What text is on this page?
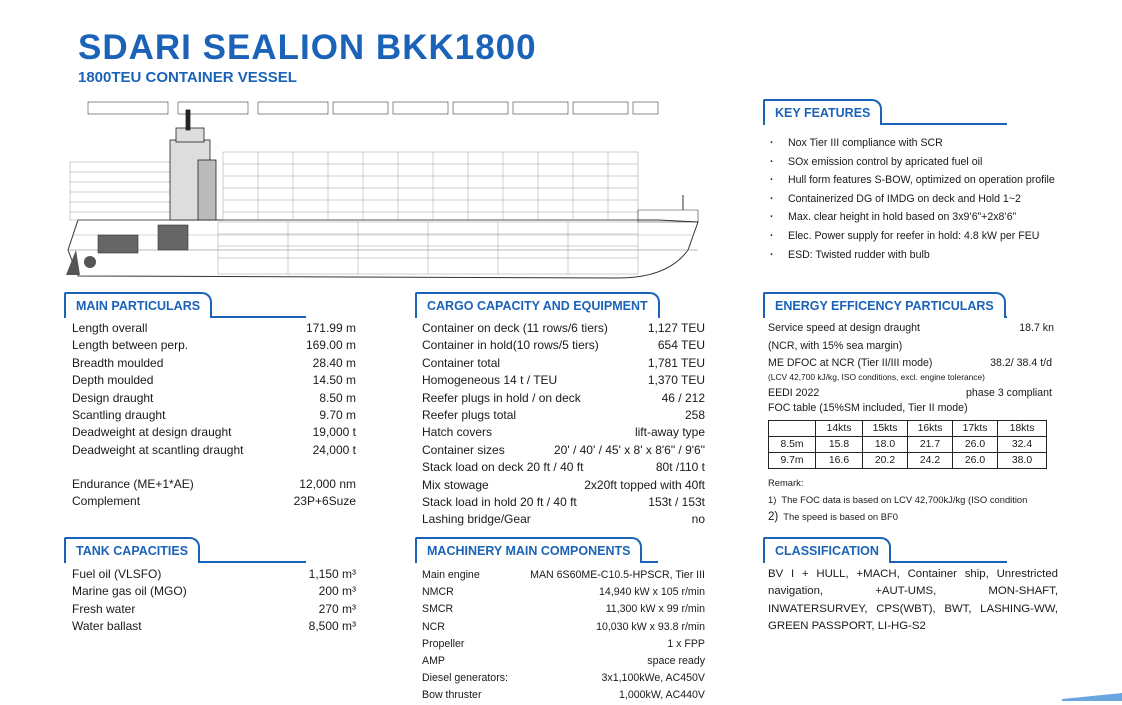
SDARI SEALION BKK1800
1800TEU CONTAINER VESSEL
MAIN PARTICULARS
Length overall	171.99 m
Length between perp.	169.00 m
Breadth moulded	28.40 m
Depth moulded	14.50 m
Design draught	8.50 m
Scantling draught	9.70 m
Deadweight at design draught	19,000 t
Deadweight at scantling draught	24,000 t
Endurance (ME+1*AE)	12,000 nm
Complement	23P+6Suze
CARGO CAPACITY AND EQUIPMENT
Container on deck (11 rows/6 tiers)	1,127 TEU
Container in hold(10 rows/5 tiers)	654 TEU
Container total	1,781 TEU
Homogeneous 14 t / TEU	1,370 TEU
Reefer plugs in hold / on deck	46 / 212
Reefer plugs total	258
Hatch covers	lift-away type
Container sizes	20' / 40' / 45' x 8' x 8'6" / 9'6"
Stack load on deck 20 ft / 40 ft	80t /110 t
Mix stowage	2x20ft topped with 40ft
Stack load in hold 20 ft / 40 ft	153t / 153t
Lashing bridge/Gear	no
KEY FEATURES
· Nox Tier III compliance with SCR
· SOx emission control by apricated fuel oil
· Hull form features S-BOW, optimized on operation profile
· Containerized DG of IMDG on deck and Hold 1~2
· Max. clear height in hold based on 3x9’6”+2x8’6”
· Elec. Power supply for reefer in hold: 4.8 kW per FEU
· ESD: Twisted rudder with bulb
ENERGY EFFICENCY PARTICULARS
Service speed at design draught	18.7 kn
(NCR, with 15% sea margin)
ME DFOC at NCR (Tier II/III mode)	38.2/ 38.4 t/d
(LCV 42,700 kJ/kg, ISO conditions, excl. engine tolerance)
EEDI 2022	phase 3 compliant
FOC table (15%SM included, Tier II mode)
	14kts	15kts	16kts	17kts	18kts
8.5m	15.8	18.0	21.7	26.0	32.4
9.7m	16.6	20.2	24.2	26.0	38.0
Remark:
1) The FOC data is based on LCV 42,700kJ/kg (ISO condition
2) The speed is based on BF0
TANK CAPACITIES
Fuel oil (VLSFO)	1,150 m³
Marine gas oil (MGO)	200 m³
Fresh water	270 m³
Water ballast	8,500 m³
MACHINERY MAIN COMPONENTS
Main engine	MAN 6S60ME-C10.5-HPSCR, Tier III
NMCR	14,940 kW x 105 r/min
SMCR	11,300 kW x 99 r/min
NCR	10,030 kW x 93.8 r/min
Propeller	1 x FPP
AMP	space ready
Diesel generators:	3x1,100kWe, AC450V
Bow thruster	1,000kW, AC440V
CLASSIFICATION
BV I + HULL, +MACH, Container ship, Unrestricted navigation, +AUT-UMS, MON-SHAFT, INWATERSURVEY, CPS(WBT), BWT, LASHING-WW, GREEN PASSPORT, LI-HG-S2
